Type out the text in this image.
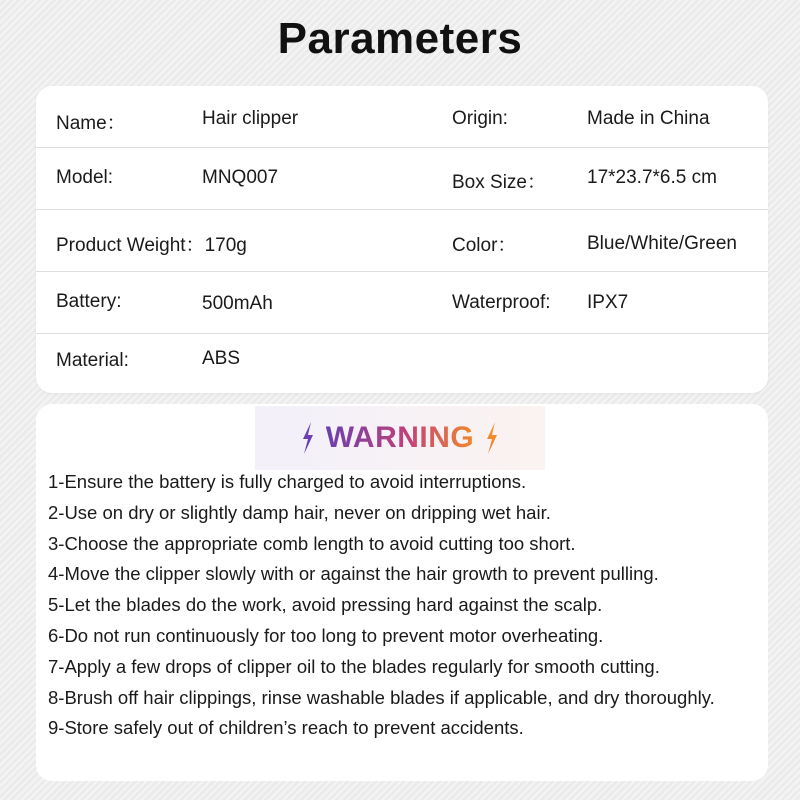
Parameters
Name：	Hair clipper	Origin:	Made in China
Model:	MNQ007	Box Size： 17*23.7*6.5 cm
Product Weight：170g	Color：	Blue/White/Green
Battery:	500mAh	Waterproof: IPX7
Material:	ABS
WARNING
1-Ensure the battery is fully charged to avoid interruptions.
2-Use on dry or slightly damp hair, never on dripping wet hair.
3-Choose the appropriate comb length to avoid cutting too short.
4-Move the clipper slowly with or against the hair growth to prevent pulling.
5-Let the blades do the work, avoid pressing hard against the scalp.
6-Do not run continuously for too long to prevent motor overheating.
7-Apply a few drops of clipper oil to the blades regularly for smooth cutting.
8-Brush off hair clippings, rinse washable blades if applicable, and dry thoroughly.
9-Store safely out of children’s reach to prevent accidents.
